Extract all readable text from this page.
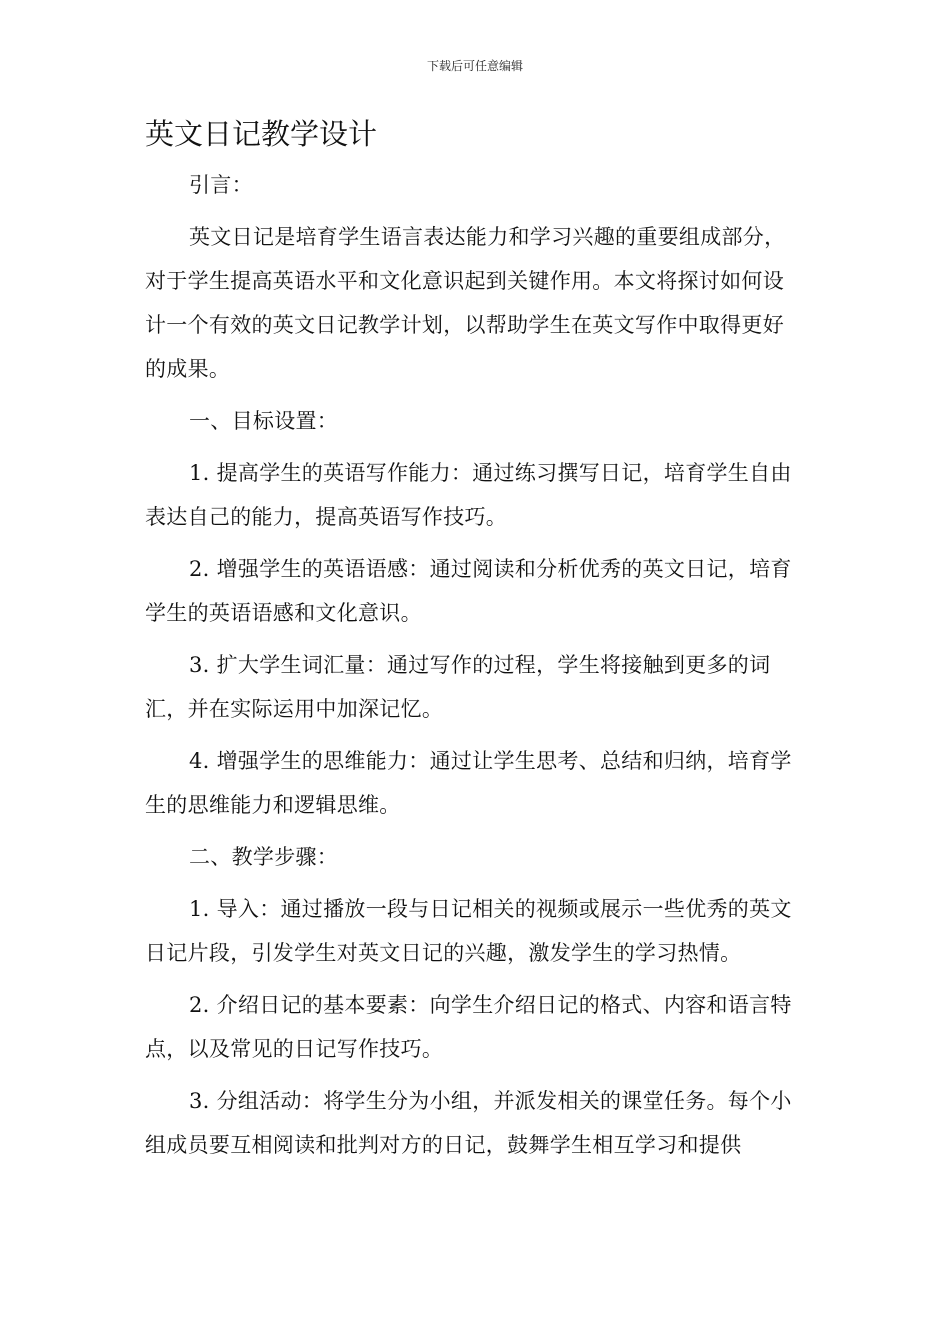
下载后可任意编辑
英文日记教学设计

引言：

英文日记是培育学生语言表达能力和学习兴趣的重要组成部分，对于学生提高英语水平和文化意识起到关键作用。本文将探讨如何设计一个有效的英文日记教学计划，以帮助学生在英文写作中取得更好的成果。

一、目标设置：

1. 提高学生的英语写作能力：通过练习撰写日记，培育学生自由表达自己的能力，提高英语写作技巧。

2. 增强学生的英语语感：通过阅读和分析优秀的英文日记，培育学生的英语语感和文化意识。

3. 扩大学生词汇量：通过写作的过程，学生将接触到更多的词汇，并在实际运用中加深记忆。

4. 增强学生的思维能力：通过让学生思考、总结和归纳，培育学生的思维能力和逻辑思维。

二、教学步骤：

1. 导入：通过播放一段与日记相关的视频或展示一些优秀的英文日记片段，引发学生对英文日记的兴趣，激发学生的学习热情。

2. 介绍日记的基本要素：向学生介绍日记的格式、内容和语言特点，以及常见的日记写作技巧。

3. 分组活动：将学生分为小组，并派发相关的课堂任务。每个小组成员要互相阅读和批判对方的日记，鼓舞学生相互学习和提供
